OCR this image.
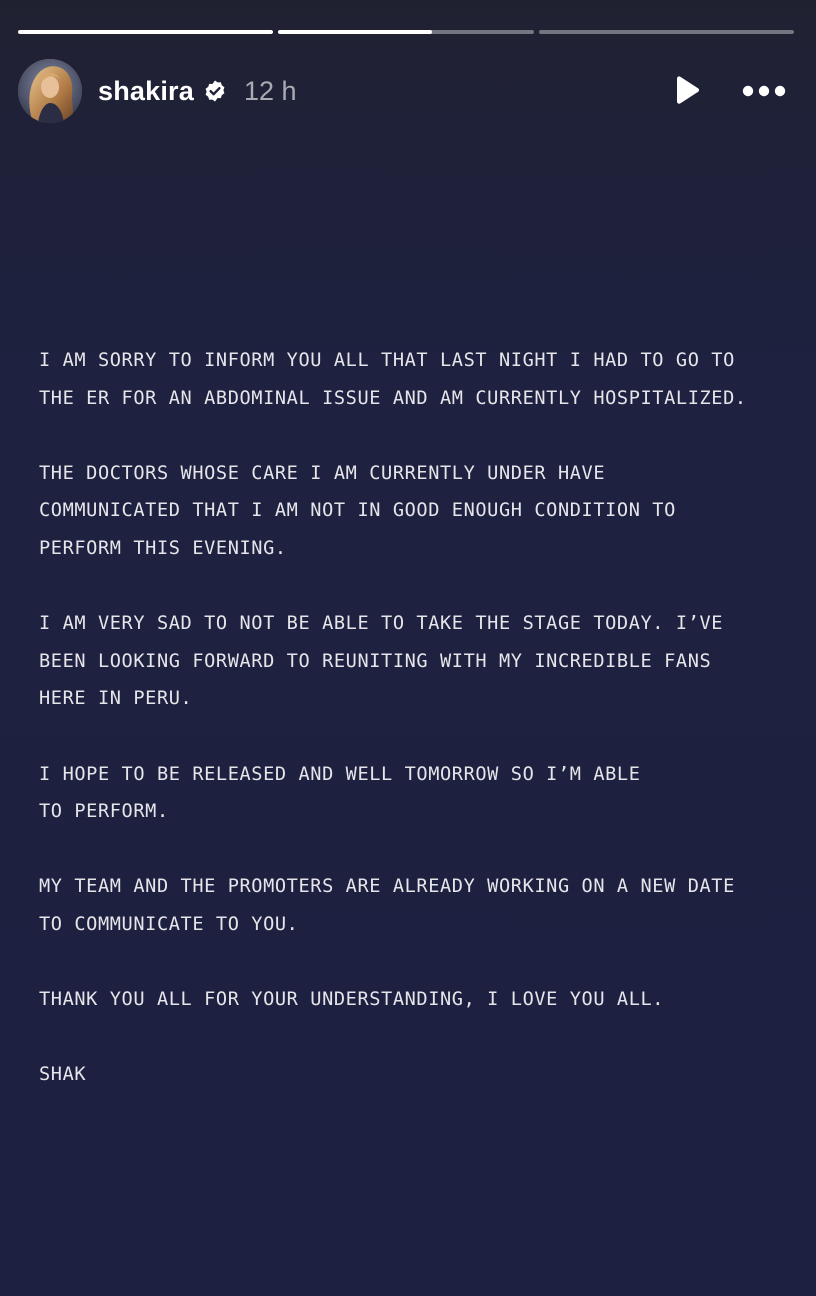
shakira 12 h

I AM SORRY TO INFORM YOU ALL THAT LAST NIGHT I HAD TO GO TO
THE ER FOR AN ABDOMINAL ISSUE AND AM CURRENTLY HOSPITALIZED.

THE DOCTORS WHOSE CARE I AM CURRENTLY UNDER HAVE
COMMUNICATED THAT I AM NOT IN GOOD ENOUGH CONDITION TO
PERFORM THIS EVENING.

I AM VERY SAD TO NOT BE ABLE TO TAKE THE STAGE TODAY. I’VE
BEEN LOOKING FORWARD TO REUNITING WITH MY INCREDIBLE FANS
HERE IN PERU.

I HOPE TO BE RELEASED AND WELL TOMORROW SO I’M ABLE
TO PERFORM.

MY TEAM AND THE PROMOTERS ARE ALREADY WORKING ON A NEW DATE
TO COMMUNICATE TO YOU.

THANK YOU ALL FOR YOUR UNDERSTANDING, I LOVE YOU ALL.

SHAK
